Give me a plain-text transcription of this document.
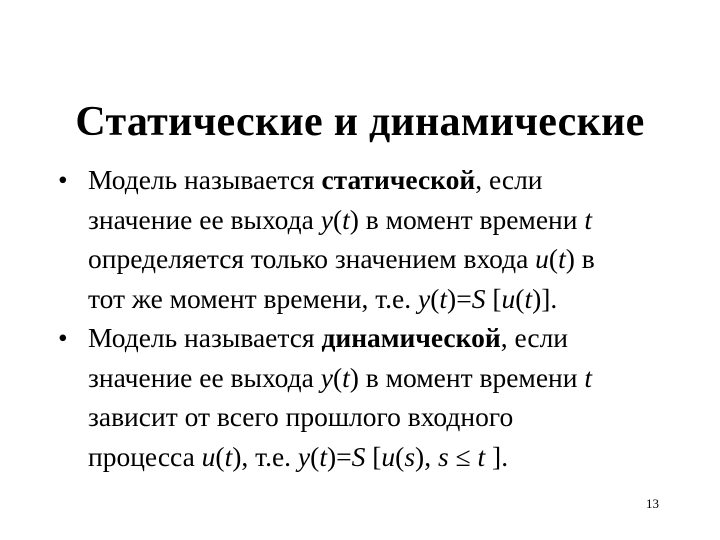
Статические и динамические
• Модель называется статической, если
значение ее выхода y(t) в момент времени t
определяется только значением входа u(t) в
тот же момент времени, т.е. y(t)=S [u(t)].
• Модель называется динамической, если
значение ее выхода y(t) в момент времени t
зависит от всего прошлого входного
процесса u(t), т.е. y(t)=S [u(s), s ≤ t ].
13
